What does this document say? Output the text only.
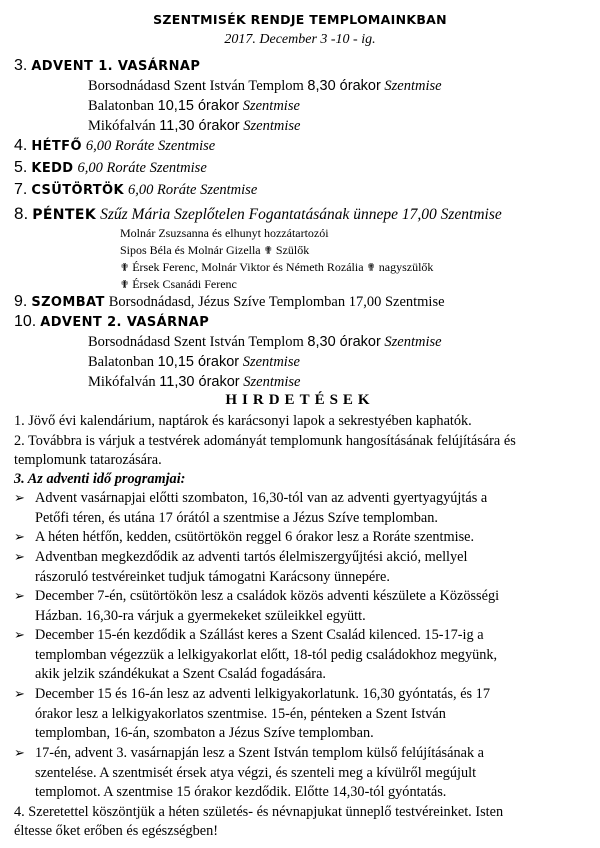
SZENTMISÉK RENDJE TEMPLOMAINKBAN
2017. December 3 -10 - ig.
3. ADVENT 1. VASÁRNAP
Borsodnádasd Szent István Templom 8,30 órakor Szentmise
Balatonban 10,15 órakor Szentmise
Mikófalván 11,30 órakor Szentmise
4. HÉTFŐ 6,00 Roráte Szentmise
5. KEDD 6,00 Roráte Szentmise
7. CSÜTÖRTÖK 6,00 Roráte Szentmise
8. PÉNTEK Szűz Mária Szeplőtelen Fogantatásának ünnepe 17,00 Szentmise
Molnár Zsuzsanna és elhunyt hozzátartozói
Sipos Béla és Molnár Gizella ✟ Szülők
✟ Érsek Ferenc, Molnár Viktor és Németh Rozália ✟ nagyszülők
✟ Érsek Csanádi Ferenc
9. SZOMBAT Borsodnádasd, Jézus Szíve Templomban 17,00 Szentmise
10. ADVENT 2. VASÁRNAP
Borsodnádasd Szent István Templom 8,30 órakor Szentmise
Balatonban 10,15 órakor Szentmise
Mikófalván 11,30 órakor Szentmise
HIRDETÉSEK
1. Jövő évi kalendárium, naptárok és karácsonyi lapok a sekrestyében kaphatók.
2. Továbbra is várjuk a testvérek adományát templomunk hangosításának felújítására és
templomunk tatarozására.
3. Az adventi idő programjai:
➢ Advent vasárnapjai előtti szombaton, 16,30-tól van az adventi gyertyagyújtás a
Petőfi téren, és utána 17 órától a szentmise a Jézus Szíve templomban.
➢ A héten hétfőn, kedden, csütörtökön reggel 6 órakor lesz a Roráte szentmise.
➢ Adventban megkezdődik az adventi tartós élelmiszergyűjtési akció, mellyel
rászoruló testvéreinket tudjuk támogatni Karácsony ünnepére.
➢ December 7-én, csütörtökön lesz a családok közös adventi készülete a Közösségi
Házban. 16,30-ra várjuk a gyermekeket szüleikkel együtt.
➢ December 15-én kezdődik a Szállást keres a Szent Család kilenced. 15-17-ig a
templomban végezzük a lelkigyakorlat előtt, 18-tól pedig családokhoz megyünk,
akik jelzik szándékukat a Szent Család fogadására.
➢ December 15 és 16-án lesz az adventi lelkigyakorlatunk. 16,30 gyóntatás, és 17
órakor lesz a lelkigyakorlatos szentmise. 15-én, pénteken a Szent István
templomban, 16-án, szombaton a Jézus Szíve templomban.
➢ 17-én, advent 3. vasárnapján lesz a Szent István templom külső felújításának a
szentelése. A szentmisét érsek atya végzi, és szenteli meg a kívülről megújult
templomot. A szentmise 15 órakor kezdődik. Előtte 14,30-tól gyóntatás.
4. Szeretettel köszöntjük a héten születés- és névnapjukat ünneplő testvéreinket. Isten
éltesse őket erőben és egészségben!
